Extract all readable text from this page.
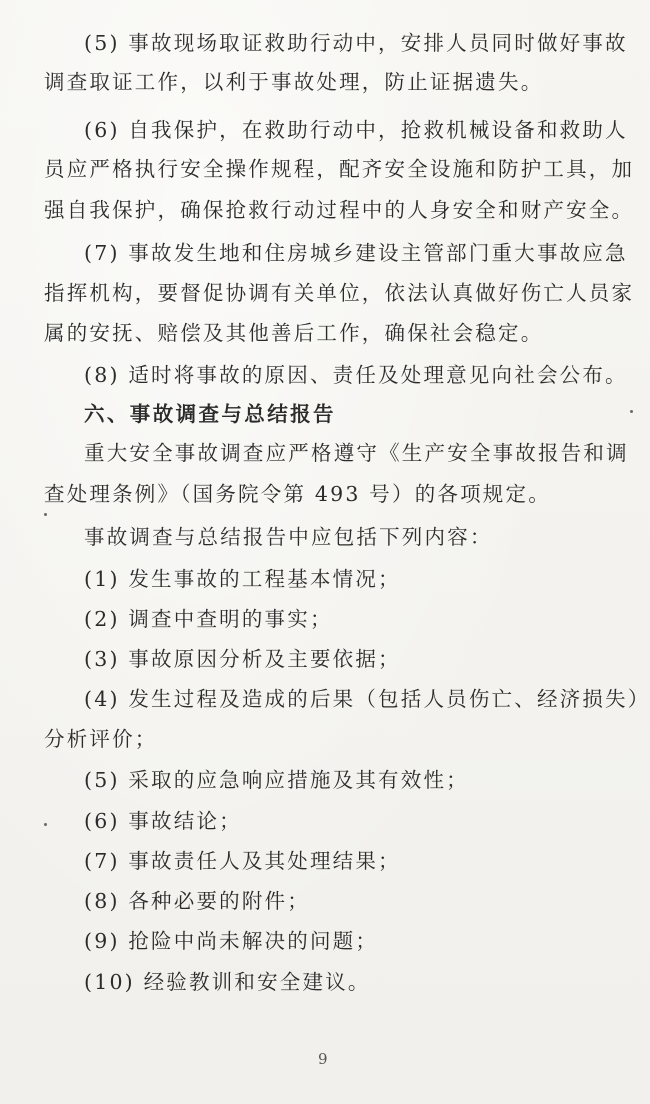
(5) 事故现场取证救助行动中，安排人员同时做好事故
调查取证工作，以利于事故处理，防止证据遗失。
(6) 自我保护，在救助行动中，抢救机械设备和救助人
员应严格执行安全操作规程，配齐安全设施和防护工具，加
强自我保护，确保抢救行动过程中的人身安全和财产安全。
(7) 事故发生地和住房城乡建设主管部门重大事故应急
指挥机构，要督促协调有关单位，依法认真做好伤亡人员家
属的安抚、赔偿及其他善后工作，确保社会稳定。
(8) 适时将事故的原因、责任及处理意见向社会公布。
六、事故调查与总结报告
重大安全事故调查应严格遵守《生产安全事故报告和调
查处理条例》（国务院令第 493 号）的各项规定。
事故调查与总结报告中应包括下列内容：
(1) 发生事故的工程基本情况；
(2) 调查中查明的事实；
(3) 事故原因分析及主要依据；
(4) 发生过程及造成的后果（包括人员伤亡、经济损失）
分析评价；
(5) 采取的应急响应措施及其有效性；
(6) 事故结论；
(7) 事故责任人及其处理结果；
(8) 各种必要的附件；
(9) 抢险中尚未解决的问题；
(10) 经验教训和安全建议。
9
